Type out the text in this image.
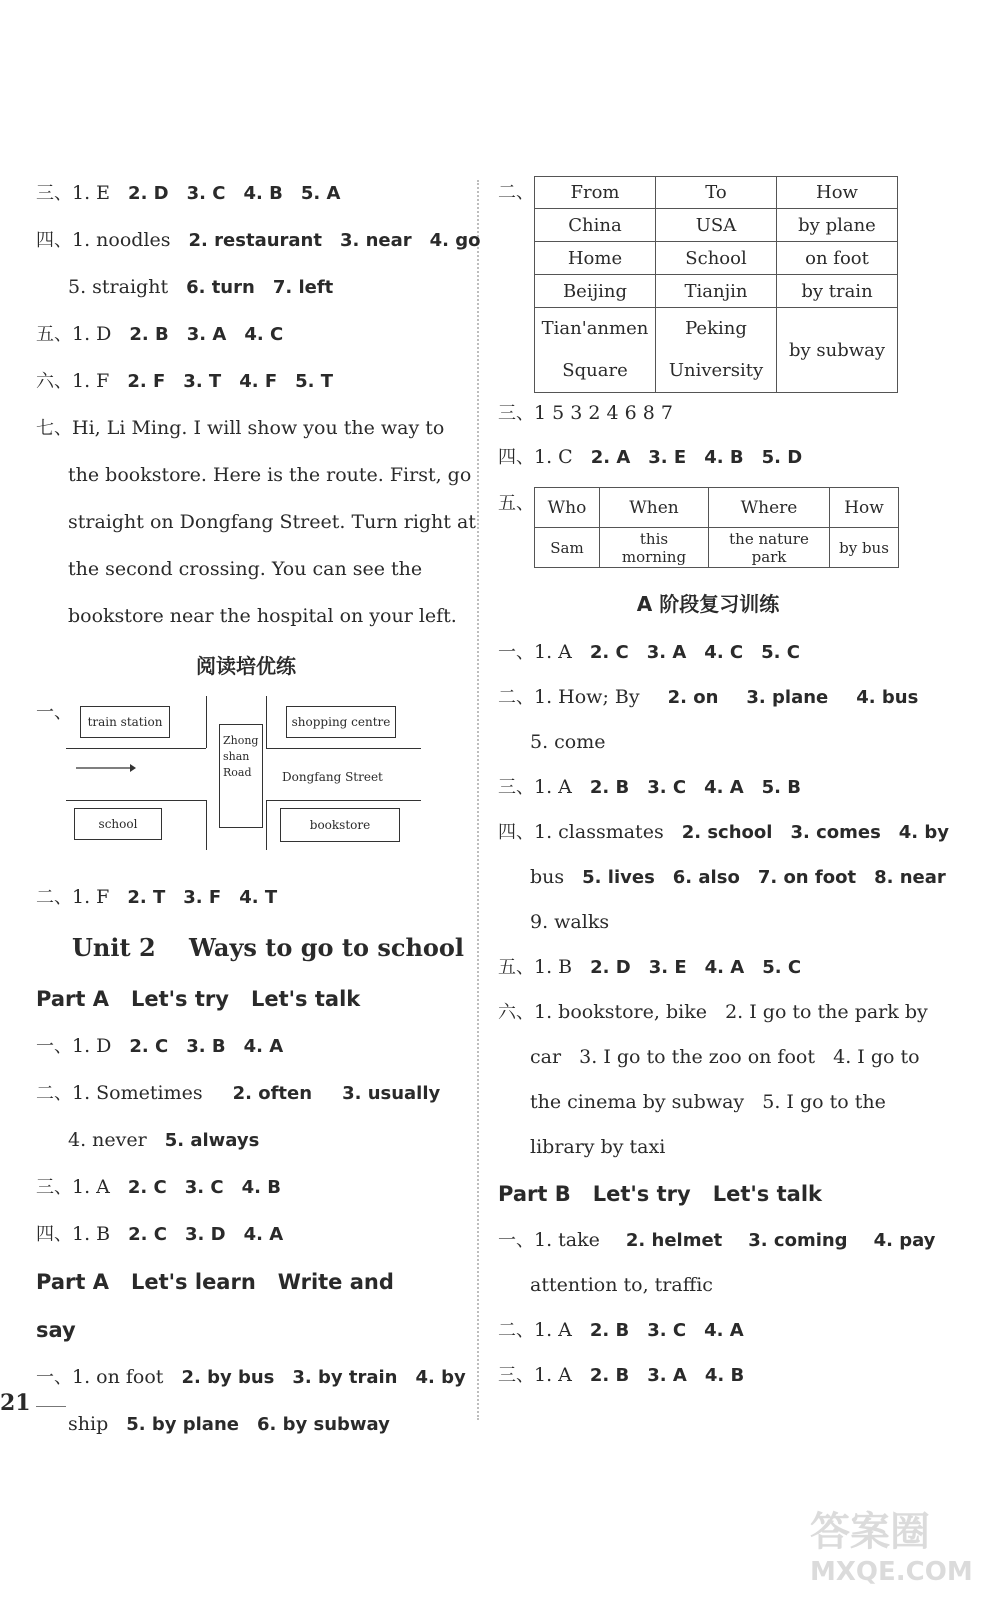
三、1. E 2. D 3. C 4. B 5. A
四、1. noodles 2. restaurant 3. near 4. go
5. straight 6. turn 7. left
五、1. D 2. B 3. A 4. C
六、1. F 2. F 3. T 4. F 5. T
七、Hi, Li Ming. I will show you the way to
the bookstore. Here is the route. First, go
straight on Dongfang Street. Turn right at
the second crossing. You can see the
bookstore near the hospital on your left.
阅读培优练
一、	train station	shopping centre
Zhong shan Road	Dongfang Street
school	bookstore
二、1. F 2. T 3. F 4. T
Unit 2    Ways to go to school
Part A Let's try Let's talk
一、1. D 2. C 3. B 4. A
二、1. Sometimes 2. often 3. usually
4. never 5. always
三、1. A 2. C 3. C 4. B
四、1. B 2. C 3. D 4. A
Part A Let's learn Write and say
一、1. on foot 2. by bus 3. by train 4. by
ship 5. by plane 6. by subway
二、 From	To	How
China	USA	by plane
Home	School	on foot
Beijing	Tianjin	by train
Tian'anmen Square	Peking University	by subway
三、1 5 3 2 4 6 8 7
四、1. C 2. A 3. E 4. B 5. D
五、 Who	When	Where	How
Sam	this morning	the nature park	by bus
A 阶段复习训练
一、1. A 2. C 3. A 4. C 5. C
二、1. How; By 2. on 3. plane 4. bus
5. come
三、1. A 2. B 3. C 4. A 5. B
四、1. classmates 2. school 3. comes 4. by
bus 5. lives 6. also 7. on foot 8. near
9. walks
五、1. B 2. D 3. E 4. A 5. C
六、1. bookstore, bike   2. I go to the park by
car   3. I go to the zoo on foot   4. I go to
the cinema by subway   5. I go to the
library by taxi
Part B Let's try Let's talk
一、1. take 2. helmet 3. coming 4. pay
attention to, traffic
二、1. A 2. B 3. C 4. A
三、1. A 2. B 3. A 4. B
21
答案圈
MXQE.COM
